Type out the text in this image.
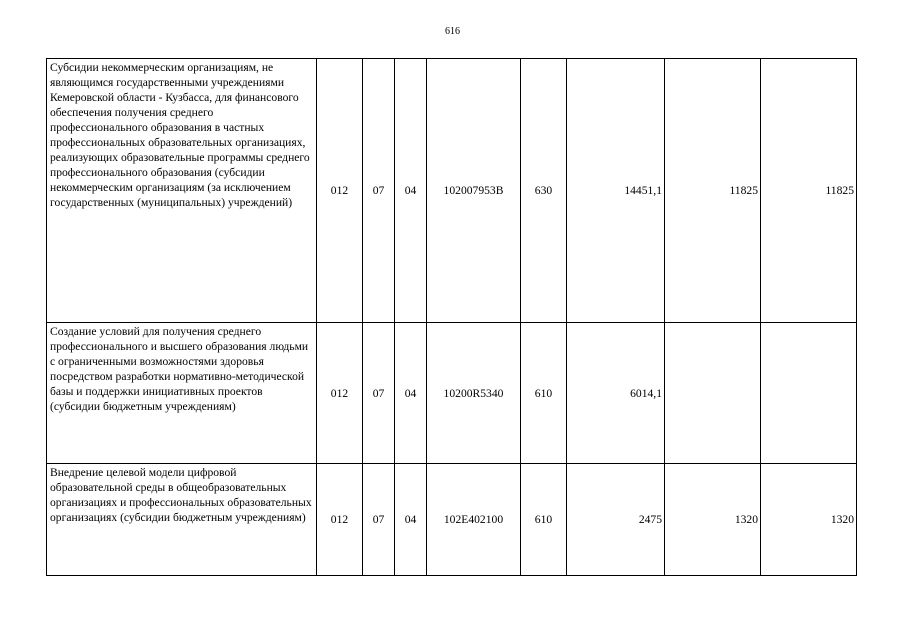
616
Субсидии некоммерческим организациям, не являющимся государственными учреждениями Кемеровской области - Кузбасса, для финансового обеспечения получения среднего профессионального образования в частных профессиональных образовательных организациях, реализующих образовательные программы среднего профессионального образования (субсидии некоммерческим организациям (за исключением государственных (муниципальных) учреждений)	012	07	04	102007953В	630	14451,1	11825	11825
Создание условий для получения среднего профессионального и высшего образования людьми с ограниченными возможностями здоровья посредством разработки нормативно-методической базы и поддержки инициативных проектов (субсидии бюджетным учреждениям)	012	07	04	10200R5340	610	6014,1		
Внедрение целевой модели цифровой образовательной среды в общеобразовательных организациях и профессиональных образовательных организациях (субсидии бюджетным учреждениям)	012	07	04	102Е402100	610	2475	1320	1320
